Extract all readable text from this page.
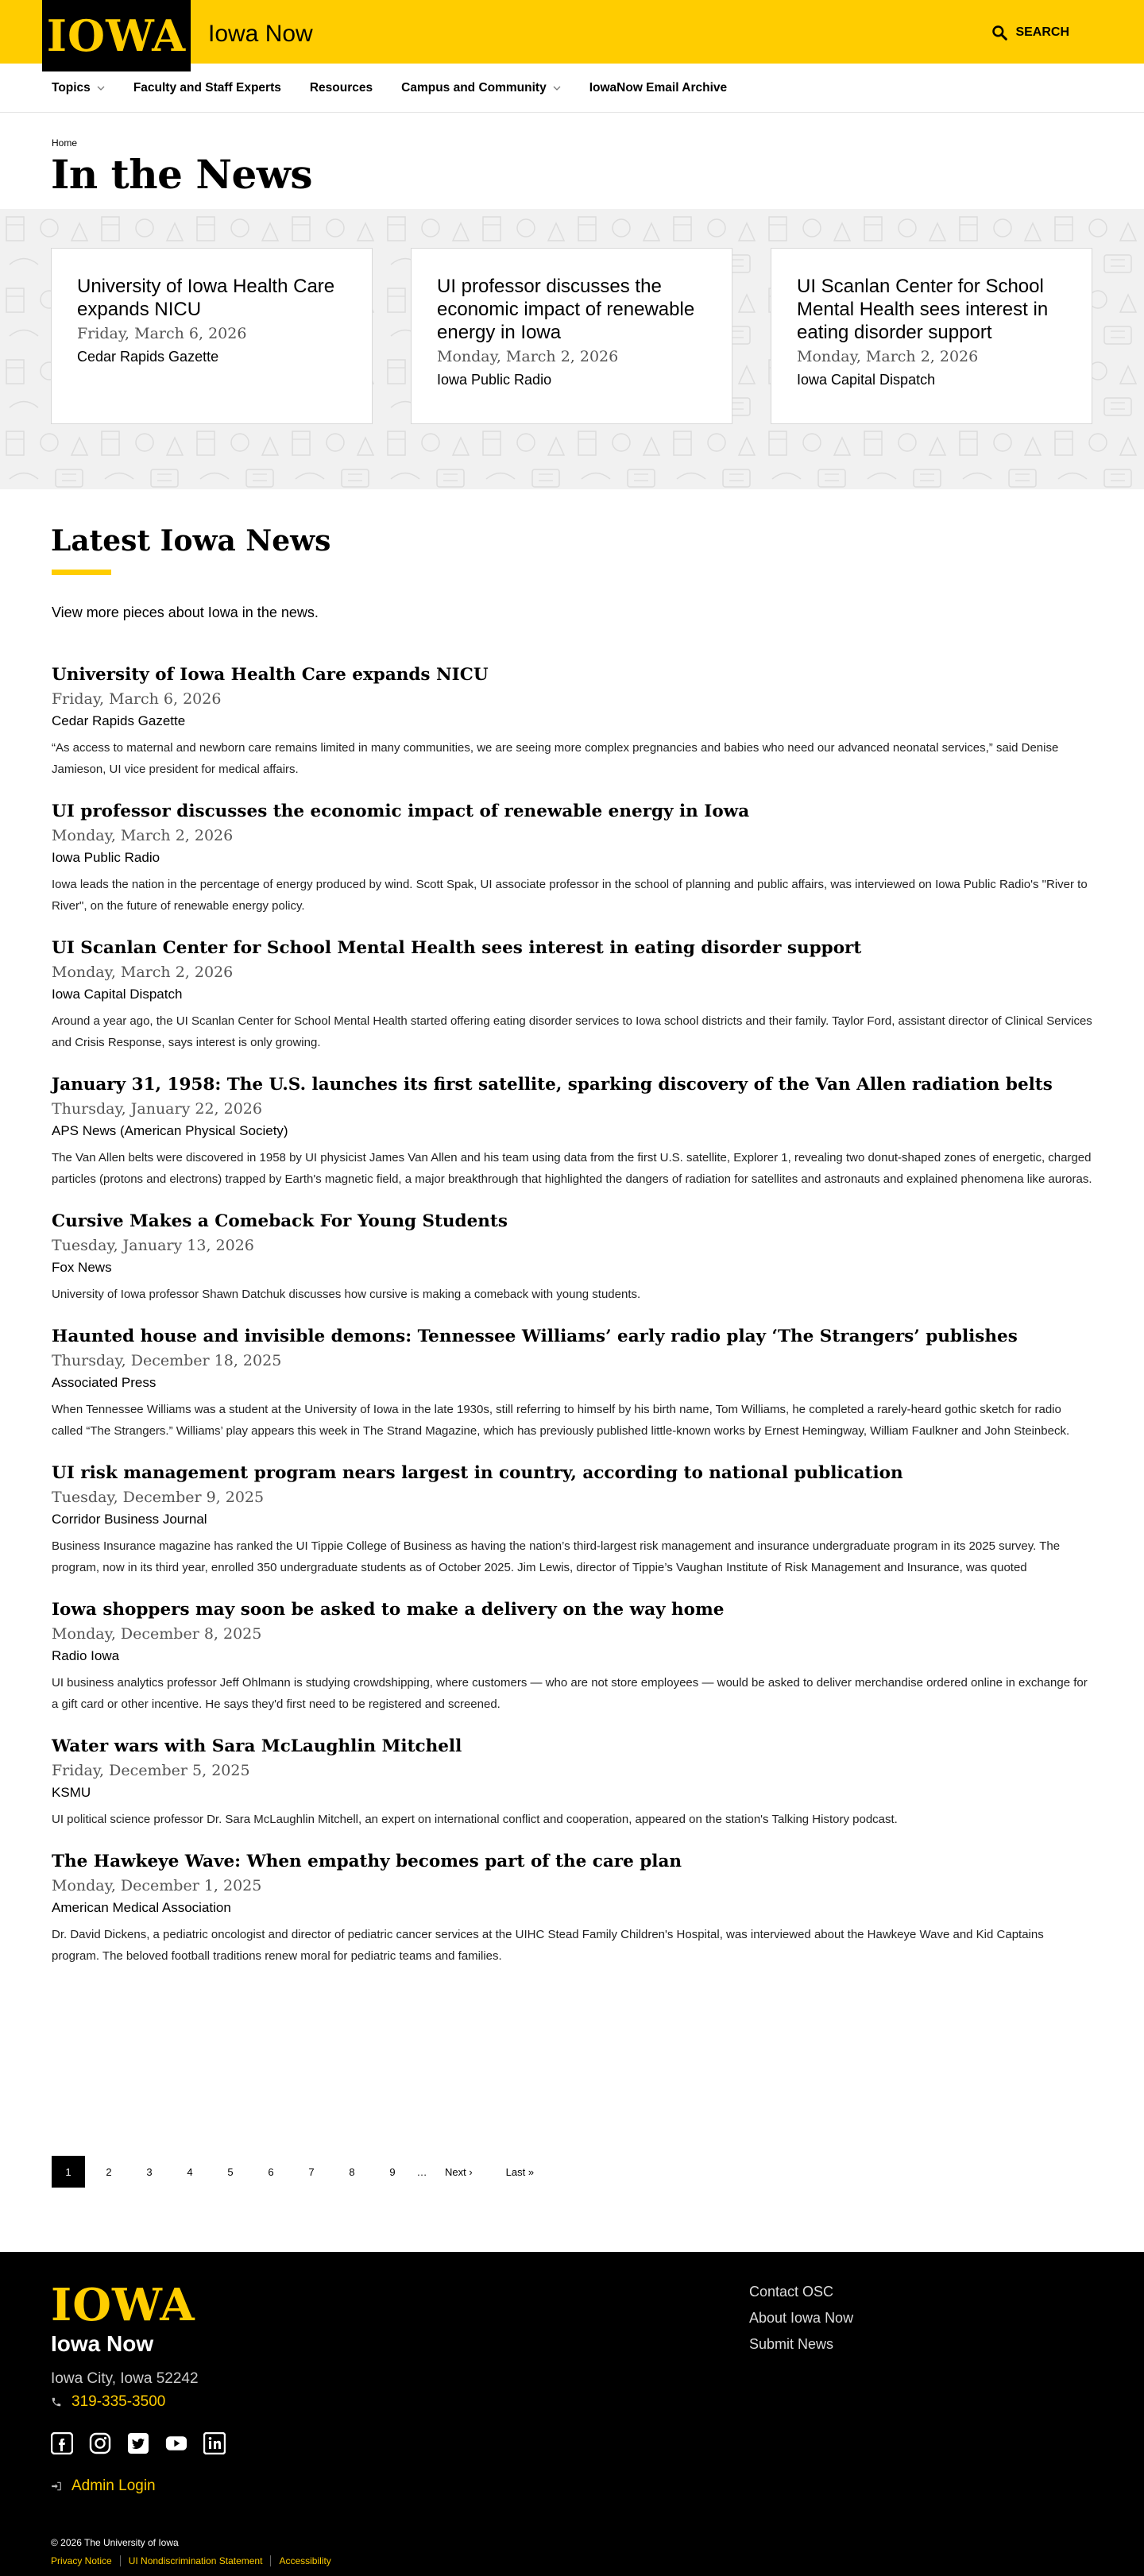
IOWA Iowa Now	SEARCH
Topics	Faculty and Staff Experts Resources Campus and Community	IowaNow Email Archive
Home
In the News
University of Iowa Health Care expands NICU
Friday, March 6, 2026
Cedar Rapids Gazette
UI professor discusses the economic impact of renewable energy in Iowa
Monday, March 2, 2026
Iowa Public Radio
UI Scanlan Center for School Mental Health sees interest in eating disorder support
Monday, March 2, 2026
Iowa Capital Dispatch
Latest Iowa News

View more pieces about Iowa in the news.

University of Iowa Health Care expands NICU
Friday, March 6, 2026
Cedar Rapids Gazette
“As access to maternal and newborn care remains limited in many communities, we are seeing more complex pregnancies and babies who need our advanced neonatal services,” said Denise Jamieson, UI vice president for medical affairs.
UI professor discusses the economic impact of renewable energy in Iowa
Monday, March 2, 2026
Iowa Public Radio
Iowa leads the nation in the percentage of energy produced by wind. Scott Spak, UI associate professor in the school of planning and public affairs, was interviewed on Iowa Public Radio's "River to River", on the future of renewable energy policy.
UI Scanlan Center for School Mental Health sees interest in eating disorder support
Monday, March 2, 2026
Iowa Capital Dispatch
Around a year ago, the UI Scanlan Center for School Mental Health started offering eating disorder services to Iowa school districts and their family. Taylor Ford, assistant director of Clinical Services and Crisis Response, says interest is only growing.
January 31, 1958: The U.S. launches its first satellite, sparking discovery of the Van Allen radiation belts
Thursday, January 22, 2026
APS News (American Physical Society)
The Van Allen belts were discovered in 1958 by UI physicist James Van Allen and his team using data from the first U.S. satellite, Explorer 1, revealing two donut-shaped zones of energetic, charged particles (protons and electrons) trapped by Earth's magnetic field, a major breakthrough that highlighted the dangers of radiation for satellites and astronauts and explained phenomena like auroras.
Cursive Makes a Comeback For Young Students
Tuesday, January 13, 2026
Fox News
University of Iowa professor Shawn Datchuk discusses how cursive is making a comeback with young students.
Haunted house and invisible demons: Tennessee Williams’ early radio play ‘The Strangers’ publishes
Thursday, December 18, 2025
Associated Press
When Tennessee Williams was a student at the University of Iowa in the late 1930s, still referring to himself by his birth name, Tom Williams, he completed a rarely-heard gothic sketch for radio called “The Strangers.” Williams’ play appears this week in The Strand Magazine, which has previously published little-known works by Ernest Hemingway, William Faulkner and John Steinbeck.
UI risk management program nears largest in country, according to national publication
Tuesday, December 9, 2025
Corridor Business Journal
Business Insurance magazine has ranked the UI Tippie College of Business as having the nation’s third-largest risk management and insurance undergraduate program in its 2025 survey. The program, now in its third year, enrolled 350 undergraduate students as of October 2025. Jim Lewis, director of Tippie’s Vaughan Institute of Risk Management and Insurance, was quoted
Iowa shoppers may soon be asked to make a delivery on the way home
Monday, December 8, 2025
Radio Iowa
UI business analytics professor Jeff Ohlmann is studying crowdshipping, where customers — who are not store employees — would be asked to deliver merchandise ordered online in exchange for a gift card or other incentive. He says they'd first need to be registered and screened.
Water wars with Sara McLaughlin Mitchell
Friday, December 5, 2025
KSMU
UI political science professor Dr. Sara McLaughlin Mitchell, an expert on international conflict and cooperation, appeared on the station's Talking History podcast.
The Hawkeye Wave: When empathy becomes part of the care plan
Monday, December 1, 2025
American Medical Association
Dr. David Dickens, a pediatric oncologist and director of pediatric cancer services at the UIHC Stead Family Children's Hospital, was interviewed about the Hawkeye Wave and Kid Captains program. The beloved football traditions renew moral for pediatric teams and families.
1	2	3	4	5	6	7	8	9	…	Next ›	Last »
IOWA
Iowa Now
Iowa City, Iowa 52242
319-335-3500
Admin Login
Contact OSC
About Iowa Now
Submit News
© 2026 The University of Iowa
Privacy Notice	UI Nondiscrimination Statement	Accessibility
